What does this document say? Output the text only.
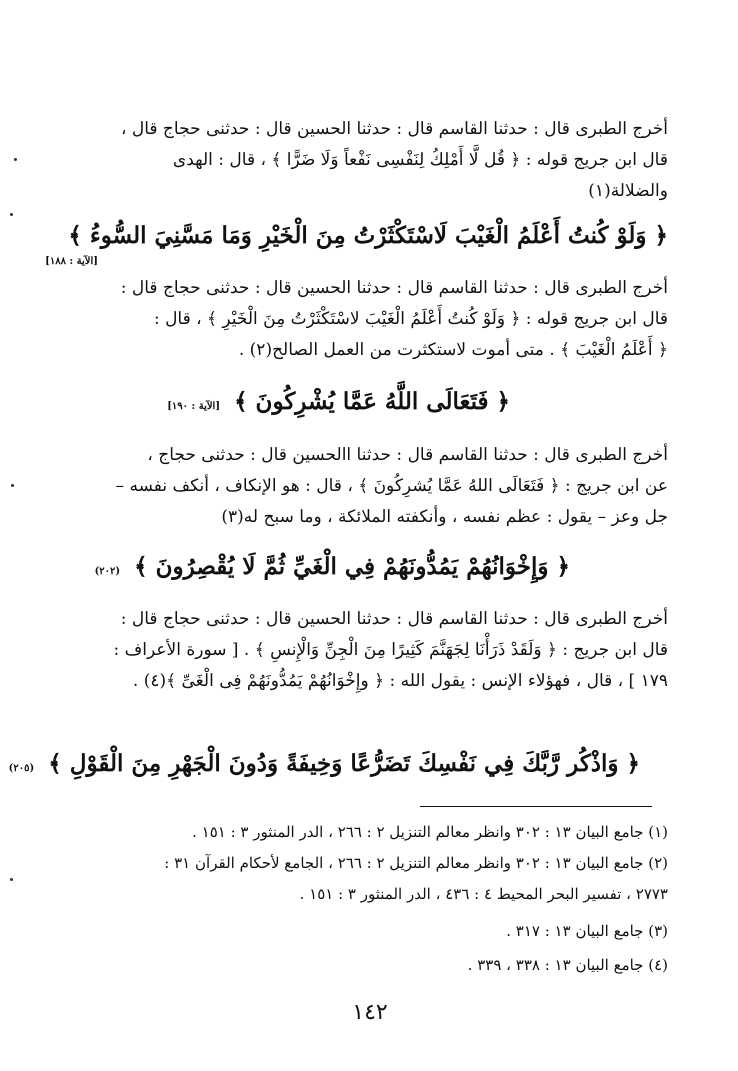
أخرج الطبرى قال : حدثنا القاسم قال : حدثنا الحسين قال : حدثنى حجاج قال ،
قال ابن جريج قوله : ﴿ قُل لَّا أَمْلِكُ لِنَفْسِى نَفْعاً وَلَا ضَرًّا ﴾ ، قال : الهدى
والضلالة(١)
﴿ وَلَوْ كُنتُ أَعْلَمُ الْغَيْبَ لَاسْتَكْثَرْتُ مِنَ الْخَيْرِ وَمَا مَسَّنِيَ السُّوءُ ﴾
[الآية : ١٨٨]
أخرج الطبرى قال : حدثنا القاسم قال : حدثنا الحسين قال : حدثنى حجاج قال :
قال ابن جريج قوله : ﴿ وَلَوْ كُنتُ أَعْلَمُ الْغَيْبَ لاسْتَكْثَرْتُ مِنَ الْخَيْرِ ﴾ ، قال :
﴿ أَعْلَمُ الْغَيْبَ ﴾ . متى أموت لاستكثرت من العمل الصالح(٢) .
﴿ فَتَعَالَى اللَّهُ عَمَّا يُشْرِكُونَ ﴾ [الآية : ١٩٠]
أخرج الطبرى قال : حدثنا القاسم قال : حدثنا االحسين قال : حدثنى حجاج ،
عن ابن جريج : ﴿ فَتَعَالَى اللهُ عَمَّا يُشرِكُونَ ﴾ ، قال : هو الإنكاف ، أنكف نفسه –
جل وعز – يقول : عظم نفسه ، وأنكفته الملائكة ، وما سبح له(٣)
﴿ وَإِخْوَانُهُمْ يَمُدُّونَهُمْ فِي الْغَيِّ ثُمَّ لَا يُقْصِرُونَ ﴾ (٢٠٢)
أخرج الطبرى قال : حدثنا القاسم قال : حدثنا الحسين قال : حدثنى حجاج قال :
قال ابن جريج : ﴿ وَلَقَدْ ذَرَأْنَا لِجَهَنَّمَ كَثِيرًا مِنَ الْجِنِّ وَالْإِنسِ ﴾ . [ سورة الأعراف :
١٧٩ ] ، قال ، فهؤلاء الإنس : يقول الله : ﴿ وإِخْوَانُهُمْ يَمُدُّونَهُمْ فِى الْغَىِّ ﴾(٤) .
﴿ وَاذْكُر رَّبَّكَ فِي نَفْسِكَ تَضَرُّعًا وَخِيفَةً وَدُونَ الْجَهْرِ مِنَ الْقَوْلِ ﴾ (٢٠٥)
(١) جامع البيان ١٣ : ٣٠٢ وانظر معالم التنزيل ٢ : ٢٦٦ ، الدر المنثور ٣ : ١٥١ .
(٢) جامع البيان ١٣ : ٣٠٢ وانظر معالم التنزيل ٢ : ٢٦٦ ، الجامع لأحكام القرآن ٣١ :
٢٧٧٣ ، تفسير البحر المحيط ٤ : ٤٣٦ ، الدر المنثور ٣ : ١٥١ .
(٣) جامع البيان ١٣ : ٣١٧ .
(٤) جامع البيان ١٣ : ٣٣٨ ، ٣٣٩ .
١٤٢
